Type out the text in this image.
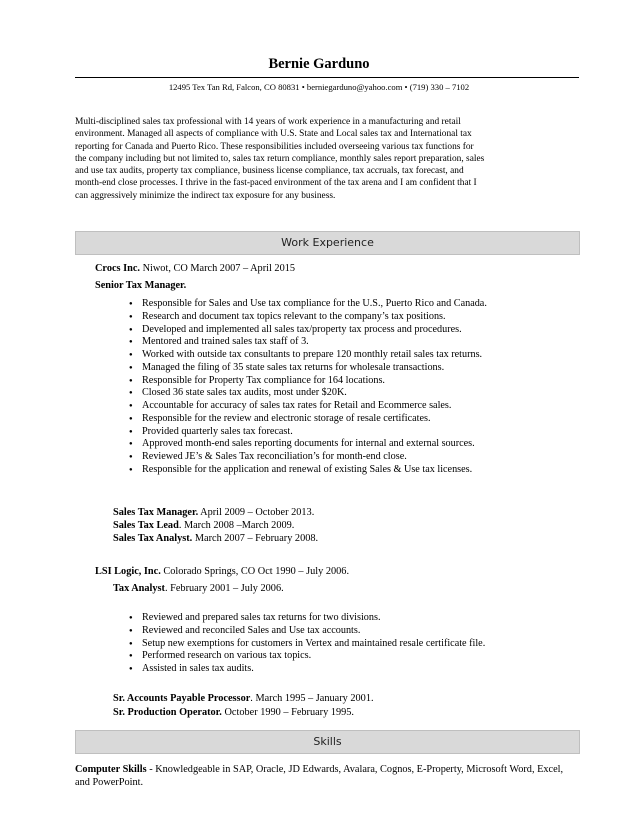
Bernie Garduno
12495 Tex Tan Rd, Falcon, CO 80831 • berniegarduno@yahoo.com • (719) 330 – 7102
Multi-disciplined sales tax professional with 14 years of work experience in a manufacturing and retail
environment. Managed all aspects of compliance with U.S. State and Local sales tax and International tax
reporting for Canada and Puerto Rico. These responsibilities included overseeing various tax functions for
the company including but not limited to, sales tax return compliance, monthly sales report preparation, sales
and use tax audits, property tax compliance, business license compliance, tax accruals, tax forecast, and
month-end close processes. I thrive in the fast-paced environment of the tax arena and I am confident that I
can aggressively minimize the indirect tax exposure for any business.
Work Experience
Crocs Inc. Niwot, CO March 2007 – April 2015
Senior Tax Manager.
● Responsible for Sales and Use tax compliance for the U.S., Puerto Rico and Canada.
● Research and document tax topics relevant to the company’s tax positions.
● Developed and implemented all sales tax/property tax process and procedures.
● Mentored and trained sales tax staff of 3.
● Worked with outside tax consultants to prepare 120 monthly retail sales tax returns.
● Managed the filing of 35 state sales tax returns for wholesale transactions.
● Responsible for Property Tax compliance for 164 locations.
● Closed 36 state sales tax audits, most under $20K.
● Accountable for accuracy of sales tax rates for Retail and Ecommerce sales.
● Responsible for the review and electronic storage of resale certificates.
● Provided quarterly sales tax forecast.
● Approved month-end sales reporting documents for internal and external sources.
● Reviewed JE’s & Sales Tax reconciliation’s for month-end close.
● Responsible for the application and renewal of existing Sales & Use tax licenses.
Sales Tax Manager. April 2009 – October 2013.
Sales Tax Lead. March 2008 –March 2009.
Sales Tax Analyst. March 2007 – February 2008.
LSI Logic, Inc. Colorado Springs, CO Oct 1990 – July 2006.
Tax Analyst. February 2001 – July 2006.
● Reviewed and prepared sales tax returns for two divisions.
● Reviewed and reconciled Sales and Use tax accounts.
● Setup new exemptions for customers in Vertex and maintained resale certificate file.
● Performed research on various tax topics.
● Assisted in sales tax audits.
Sr. Accounts Payable Processor. March 1995 – January 2001.
Sr. Production Operator. October 1990 – February 1995.
Skills
Computer Skills - Knowledgeable in SAP, Oracle, JD Edwards, Avalara, Cognos, E-Property, Microsoft Word, Excel, and PowerPoint.
